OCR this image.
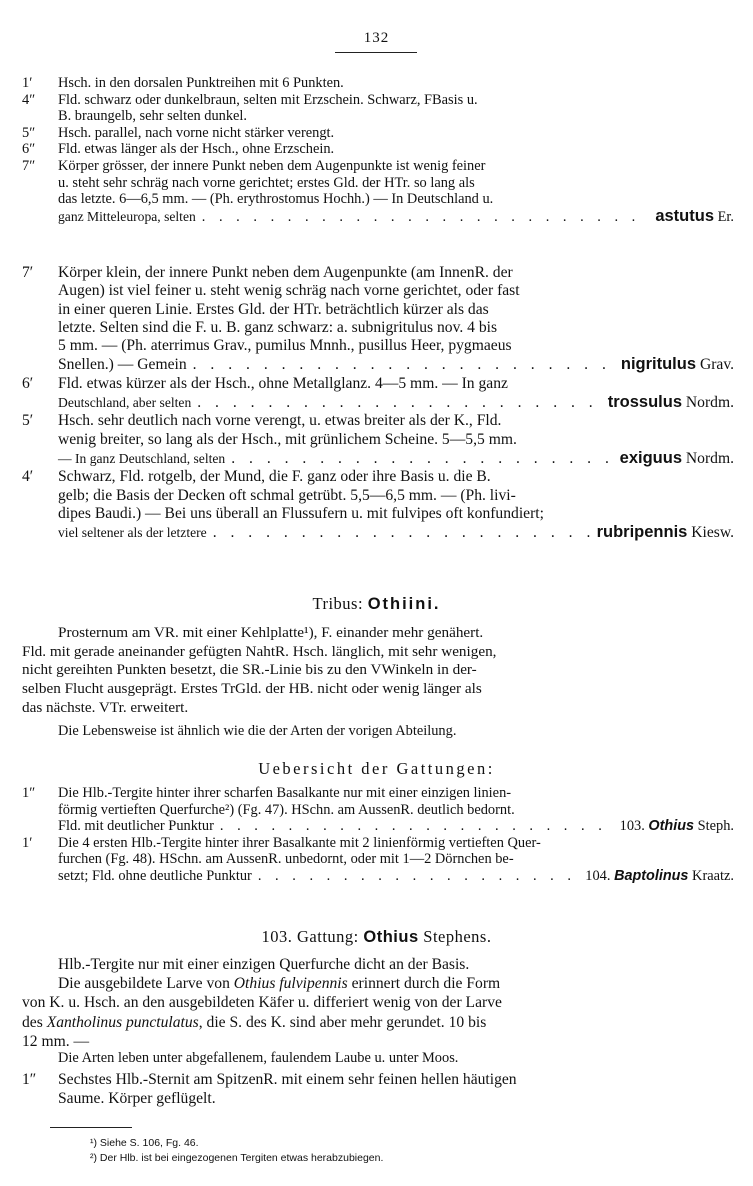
132
1′ Hsch. in den dorsalen Punktreihen mit 6 Punkten.
4″ Fld. schwarz oder dunkelbraun, selten mit Erzschein. Schwarz, FBasis u.
B. braungelb, sehr selten dunkel.
5″ Hsch. parallel, nach vorne nicht stärker verengt.
6″ Fld. etwas länger als der Hsch., ohne Erzschein.
7″ Körper grösser, der innere Punkt neben dem Augenpunkte ist wenig feiner
u. steht sehr schräg nach vorne gerichtet; erstes Gld. der HTr. so lang als
das letzte. 6—6,5 mm. — (Ph. erythrostomus Hochh.) — In Deutschland u.
ganz Mitteleuropa, selten . . .	astutus Er.
7′ Körper klein, der innere Punkt neben dem Augenpunkte (am InnenR. der
Augen) ist viel feiner u. steht wenig schräg nach vorne gerichtet, oder fast
in einer queren Linie. Erstes Gld. der HTr. beträchtlich kürzer als das
letzte. Selten sind die F. u. B. ganz schwarz: a. subnigritulus nov. 4 bis
5 mm. — (Ph. aterrimus Grav., pumilus Mnnh., pusillus Heer, pygmaeus
Snellen.) — Gemein . . .	nigritulus Grav.
6′ Fld. etwas kürzer als der Hsch., ohne Metallglanz. 4—5 mm. — In ganz
Deutschland, aber selten . . .	trossulus Nordm.
5′ Hsch. sehr deutlich nach vorne verengt, u. etwas breiter als der K., Fld.
wenig breiter, so lang als der Hsch., mit grünlichem Scheine. 5—5,5 mm.
— In ganz Deutschland, selten . . .	exiguus Nordm.
4′ Schwarz, Fld. rotgelb, der Mund, die F. ganz oder ihre Basis u. die B.
gelb; die Basis der Decken oft schmal getrübt. 5,5—6,5 mm. — (Ph. livi-
dipes Baudi.) — Bei uns überall an Flussufern u. mit fulvipes oft konfundiert;
viel seltener als der letztere . . .	rubripennis Kiesw.
Tribus: Othiini.
Prosternum am VR. mit einer Kehlplatte¹), F. einander mehr genähert.
Fld. mit gerade aneinander gefügten NahtR. Hsch. länglich, mit sehr wenigen,
nicht gereihten Punkten besetzt, die SR.-Linie bis zu den VWinkeln in der-
selben Flucht ausgeprägt. Erstes TrGld. der HB. nicht oder wenig länger als
das nächste. VTr. erweitert.
Die Lebensweise ist ähnlich wie die der Arten der vorigen Abteilung.
Uebersicht der Gattungen:
1″ Die Hlb.-Tergite hinter ihrer scharfen Basalkante nur mit einer einzigen linien-
förmig vertieften Querfurche²) (Fg. 47). HSchn. am AussenR. deutlich bedornt.
Fld. mit deutlicher Punktur . . .	103. Othius Steph.
1′ Die 4 ersten Hlb.-Tergite hinter ihrer Basalkante mit 2 linienförmig vertieften Quer-
furchen (Fg. 48). HSchn. am AussenR. unbedornt, oder mit 1—2 Dörnchen be-
setzt; Fld. ohne deutliche Punktur . . .	104. Baptolinus Kraatz.
103. Gattung: Othius Stephens.
Hlb.-Tergite nur mit einer einzigen Querfurche dicht an der Basis.
Die ausgebildete Larve von Othius fulvipennis erinnert durch die Form
von K. u. Hsch. an den ausgebildeten Käfer u. differiert wenig von der Larve
des Xantholinus punctulatus, die S. des K. sind aber mehr gerundet. 10 bis
12 mm. —
Die Arten leben unter abgefallenem, faulendem Laube u. unter Moos.
1″ Sechstes Hlb.-Sternit am SpitzenR. mit einem sehr feinen hellen häutigen
Saume. Körper geflügelt.
¹) Siehe S. 106, Fg. 46.
²) Der Hlb. ist bei eingezogenen Tergiten etwas herabzubiegen.
